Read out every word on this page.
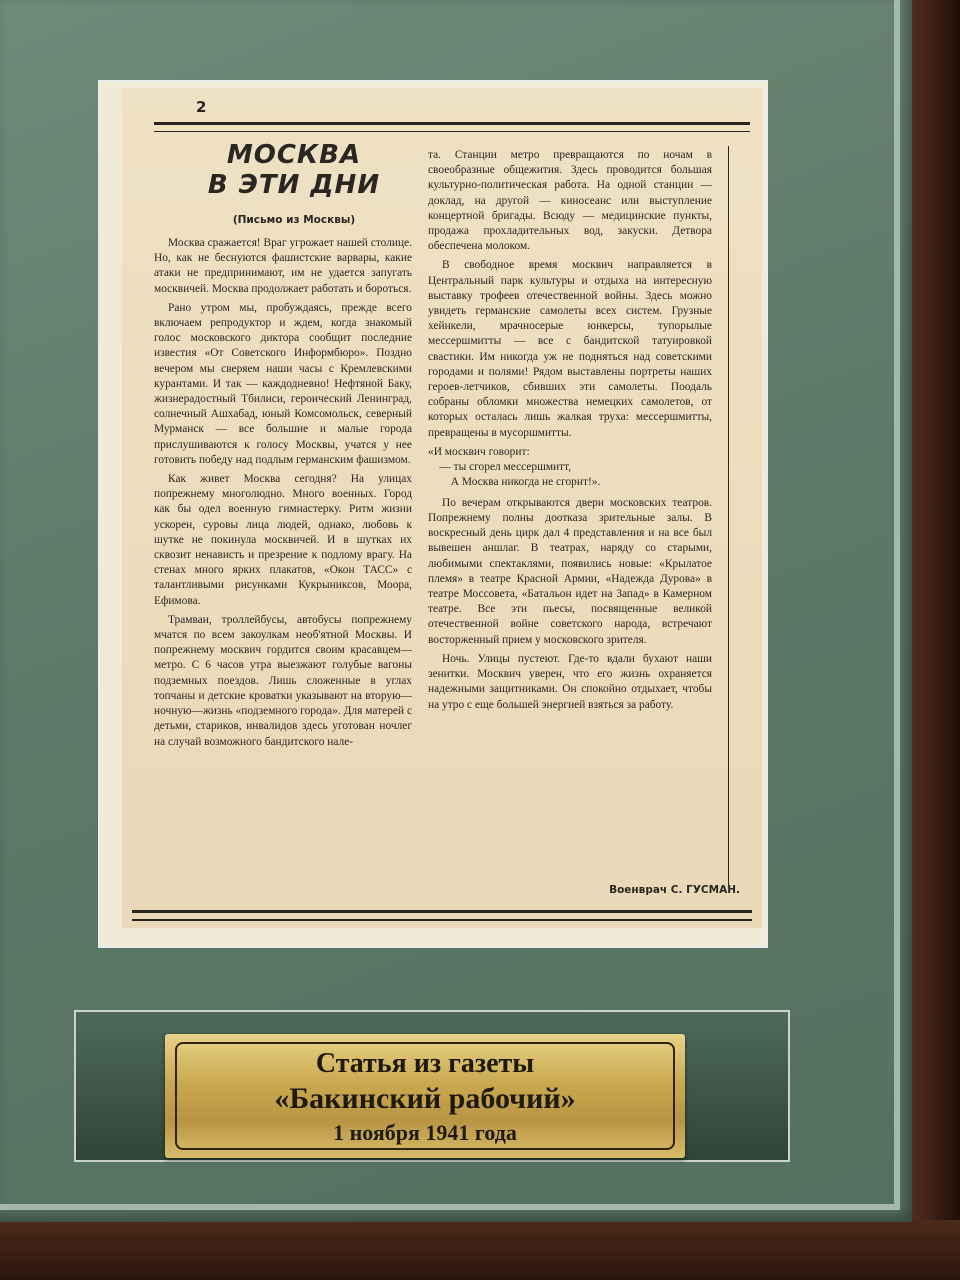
2
МОСКВА
В ЭТИ ДНИ
(Письмо из Москвы)

Москва сражается! Враг угрожает нашей столице. Но, как не беснуются фашистские варвары, какие атаки не предпринимают, им не удается запугать москвичей. Москва продолжает работать и бороться.

Рано утром мы, пробуждаясь, прежде всего включаем репродуктор и ждем, когда знакомый голос московского диктора сообщит последние известия «От Советского Информбюро». Поздно вечером мы сверяем наши часы с Кремлевскими курантами. И так — каждодневно! Нефтяной Баку, жизнерадостный Тбилиси, героический Ленинград, солнечный Ашхабад, юный Комсомольск, северный Мурманск — все большие и малые города прислушиваются к голосу Москвы, учатся у нее готовить победу над подлым германским фашизмом.

Как живет Москва сегодня? На улицах попрежнему многолюдно. Много военных. Город как бы одел военную гимнастерку. Ритм жизни ускорен, суровы лица людей, однако, любовь к шутке не покинула москвичей. И в шутках их сквозит ненависть и презрение к подлому врагу. На стенах много ярких плакатов, «Окон ТАСС» с талантливыми рисунками Кукрыниксов, Моора, Ефимова.

Трамваи, троллейбусы, автобусы попрежнему мчатся по всем закоулкам необ'ятной Москвы. И попрежнему москвич гордится своим красавцем—метро. С 6 часов утра выезжают голубые вагоны подземных поездов. Лишь сложенные в углах топчаны и детские кроватки указывают на вторую—ночную—жизнь «подземного города». Для матерей с детьми, стариков, инвалидов здесь уготован ночлег на случай возможного бандитского нале-

та. Станции метро превращаются по ночам в своеобразные общежития. Здесь проводится большая культурно-политическая работа. На одной станции — доклад, на другой — киносеанс или выступление концертной бригады. Всюду — медицинские пункты, продажа прохладительных вод, закуски. Детвора обеспечена молоком.

В свободное время москвич направляется в Центральный парк культуры и отдыха на интересную выставку трофеев отечественной войны. Здесь можно увидеть германские самолеты всех систем. Грузные хейнкели, мрачноcерые юнкерсы, тупорылые мессершмитты — все с бандитской татуировкой свастики. Им никогда уж не подняться над советскими городами и полями! Рядом выставлены портреты наших героев-летчиков, сбивших эти самолеты. Поодаль собраны обломки множества немецких самолетов, от которых осталась лишь жалкая труха: мессершмитты, превращены в мусоршмитты.

«И москвич говорит:
— ты сгорел мессершмитт,
А Москва никогда не сгорит!».

По вечерам открываются двери московских театров. Попрежнему полны доотказа зрительные залы. В воскресный день цирк дал 4 представления и на все был вывешен аншлаг. В театрах, наряду со старыми, любимыми спектаклями, появились новые: «Крылатое племя» в театре Красной Армии, «Надежда Дурова» в театре Моссовета, «Батальон идет на Запад» в Камерном театре. Все эти пьесы, посвященные великой отечественной войне советского народа, встречают восторженный прием у московского зрителя.

Ночь. Улицы пустеют. Где-то вдали бухают наши зенитки. Москвич уверен, что его жизнь охраняется надежными защитниками. Он спокойно отдыхает, чтобы на утро с еще большей энергией взяться за работу.

Военврач С. ГУСМАН.
Статья из газеты
«Бакинский рабочий»
1 ноября 1941 года
